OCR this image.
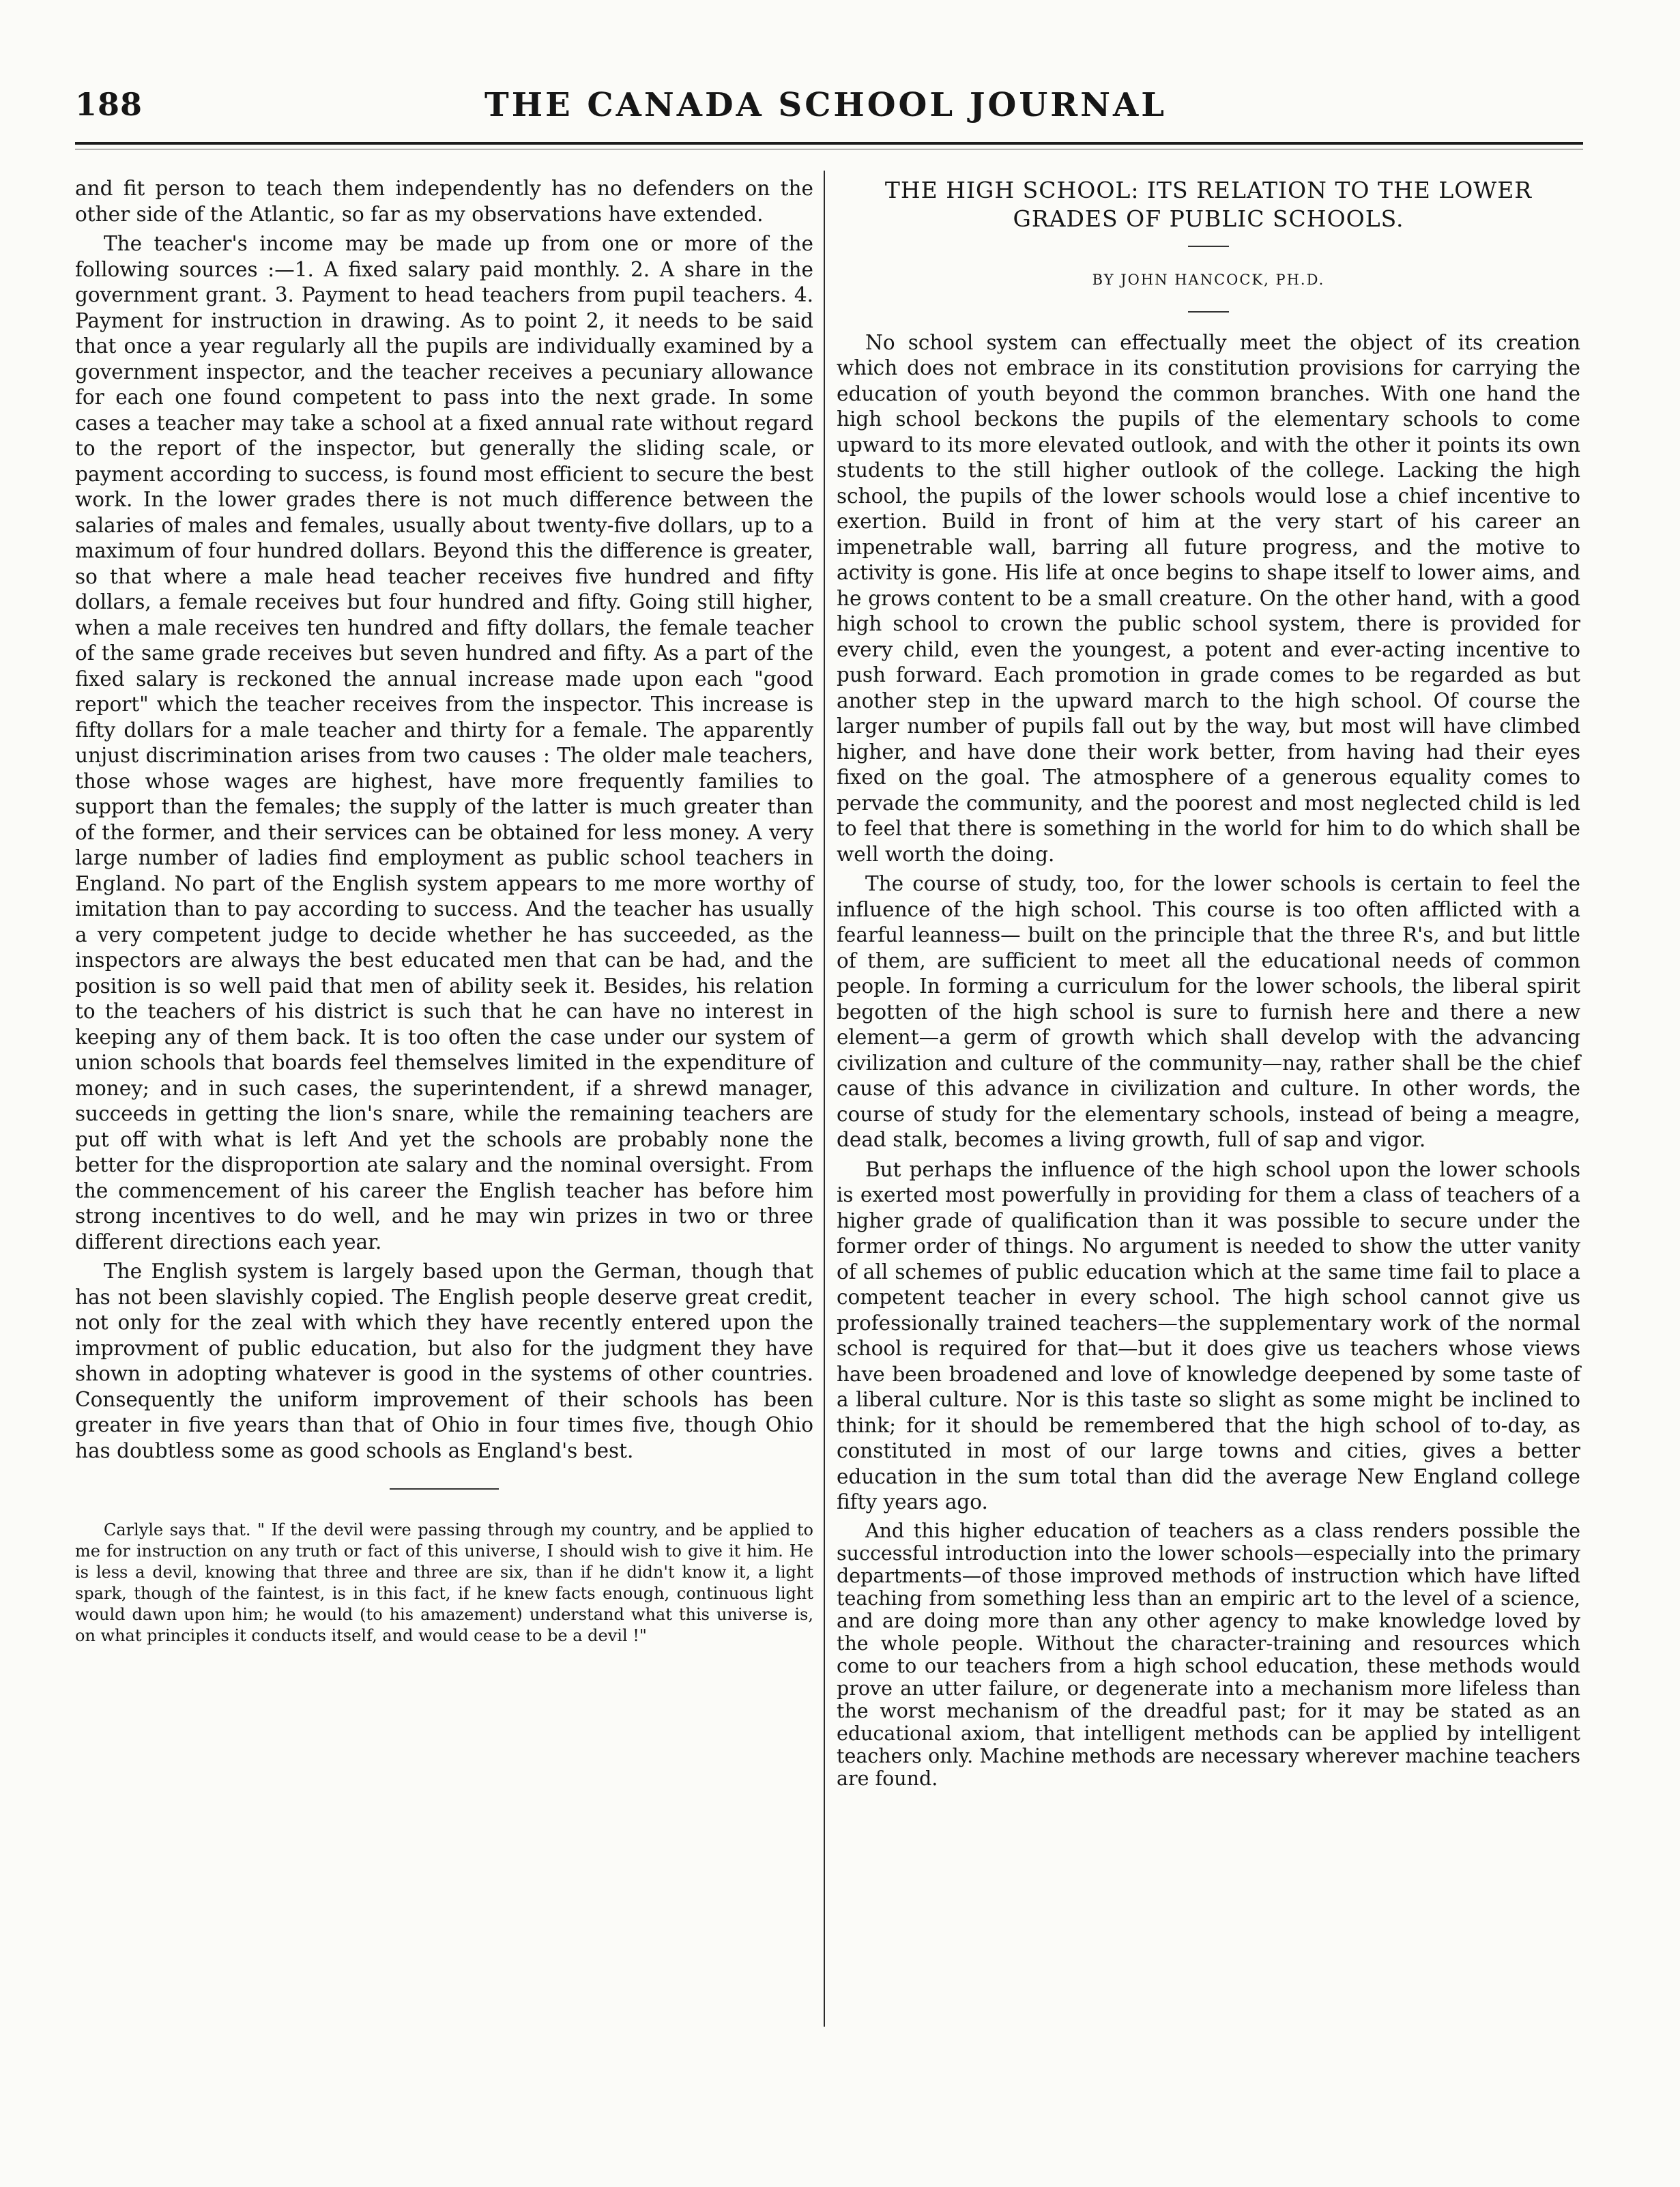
188	THE CANADA SCHOOL JOURNAL

and fit person to teach them independently has no defenders on the other side of the Atlantic, so far as my observations have extended.

The teacher's income may be made up from one or more of the following sources :—1. A fixed salary paid monthly. 2. A share in the government grant. 3. Payment to head teachers from pupil teachers. 4. Payment for instruction in drawing. As to point 2, it needs to be said that once a year regularly all the pupils are individually examined by a government inspector, and the teacher receives a pecuniary allowance for each one found competent to pass into the next grade. In some cases a teacher may take a school at a fixed annual rate without regard to the report of the inspector, but generally the sliding scale, or payment according to success, is found most efficient to secure the best work. In the lower grades there is not much difference between the salaries of males and females, usually about twenty-five dollars, up to a maximum of four hundred dollars. Beyond this the difference is greater, so that where a male head teacher receives five hundred and fifty dollars, a female receives but four hundred and fifty. Going still higher, when a male receives ten hundred and fifty dollars, the female teacher of the same grade receives but seven hundred and fifty. As a part of the fixed salary is reckoned the annual increase made upon each "good report" which the teacher receives from the inspector. This increase is fifty dollars for a male teacher and thirty for a female. The apparently unjust discrimination arises from two causes : The older male teachers, those whose wages are highest, have more frequently families to support than the females; the supply of the latter is much greater than of the former, and their services can be obtained for less money. A very large number of ladies find employment as public school teachers in England. No part of the English system appears to me more worthy of imitation than to pay according to success. And the teacher has usually a very competent judge to decide whether he has succeeded, as the inspectors are always the best educated men that can be had, and the position is so well paid that men of ability seek it. Besides, his relation to the teachers of his district is such that he can have no interest in keeping any of them back. It is too often the case under our system of union schools that boards feel themselves limited in the expenditure of money; and in such cases, the superintendent, if a shrewd manager, succeeds in getting the lion's snare, while the remaining teachers are put off with what is left And yet the schools are probably none the better for the disproportion ate salary and the nominal oversight. From the commencement of his career the English teacher has before him strong incentives to do well, and he may win prizes in two or three different directions each year.

The English system is largely based upon the German, though that has not been slavishly copied. The English people deserve great credit, not only for the zeal with which they have recently entered upon the improvment of public education, but also for the judgment they have shown in adopting whatever is good in the systems of other countries. Consequently the uniform improvement of their schools has been greater in five years than that of Ohio in four times five, though Ohio has doubtless some as good schools as England's best.

Carlyle says that. " If the devil were passing through my country, and be applied to me for instruction on any truth or fact of this universe, I should wish to give it him. He is less a devil, knowing that three and three are six, than if he didn't know it, a light spark, though of the faintest, is in this fact, if he knew facts enough, continuous light would dawn upon him; he would (to his amazement) understand what this universe is, on what principles it conducts itself, and would cease to be a devil !"

THE HIGH SCHOOL: ITS RELATION TO THE LOWER GRADES OF PUBLIC SCHOOLS.
BY JOHN HANCOCK, PH.D.

No school system can effectually meet the object of its creation which does not embrace in its constitution provisions for carrying the education of youth beyond the common branches. With one hand the high school beckons the pupils of the elementary schools to come upward to its more elevated outlook, and with the other it points its own students to the still higher outlook of the college. Lacking the high school, the pupils of the lower schools would lose a chief incentive to exertion. Build in front of him at the very start of his career an impenetrable wall, barring all future progress, and the motive to activity is gone. His life at once begins to shape itself to lower aims, and he grows content to be a small creature. On the other hand, with a good high school to crown the public school system, there is provided for every child, even the youngest, a potent and ever-acting incentive to push forward. Each promotion in grade comes to be regarded as but another step in the upward march to the high school. Of course the larger number of pupils fall out by the way, but most will have climbed higher, and have done their work better, from having had their eyes fixed on the goal. The atmosphere of a generous equality comes to pervade the community, and the poorest and most neglected child is led to feel that there is something in the world for him to do which shall be well worth the doing.

The course of study, too, for the lower schools is certain to feel the influence of the high school. This course is too often afflicted with a fearful leanness— built on the principle that the three R's, and but little of them, are sufficient to meet all the educational needs of common people. In forming a curriculum for the lower schools, the liberal spirit begotten of the high school is sure to furnish here and there a new element—a germ of growth which shall develop with the advancing civilization and culture of the community—nay, rather shall be the chief cause of this advance in civilization and culture. In other words, the course of study for the elementary schools, instead of being a meagre, dead stalk, becomes a living growth, full of sap and vigor.

But perhaps the influence of the high school upon the lower schools is exerted most powerfully in providing for them a class of teachers of a higher grade of qualification than it was possible to secure under the former order of things. No argument is needed to show the utter vanity of all schemes of public education which at the same time fail to place a competent teacher in every school. The high school cannot give us professionally trained teachers—the supplementary work of the normal school is required for that—but it does give us teachers whose views have been broadened and love of knowledge deepened by some taste of a liberal culture. Nor is this taste so slight as some might be inclined to think; for it should be remembered that the high school of to-day, as constituted in most of our large towns and cities, gives a better education in the sum total than did the average New England college fifty years ago.

And this higher education of teachers as a class renders possible the successful introduction into the lower schools—especially into the primary departments—of those improved methods of instruction which have lifted teaching from something less than an empiric art to the level of a science, and are doing more than any other agency to make knowledge loved by the whole people. Without the character-training and resources which come to our teachers from a high school education, these methods would prove an utter failure, or degenerate into a mechanism more lifeless than the worst mechanism of the dreadful past; for it may be stated as an educational axiom, that intelligent methods can be applied by intelligent teachers only. Machine methods are necessary wherever machine teachers are found.
